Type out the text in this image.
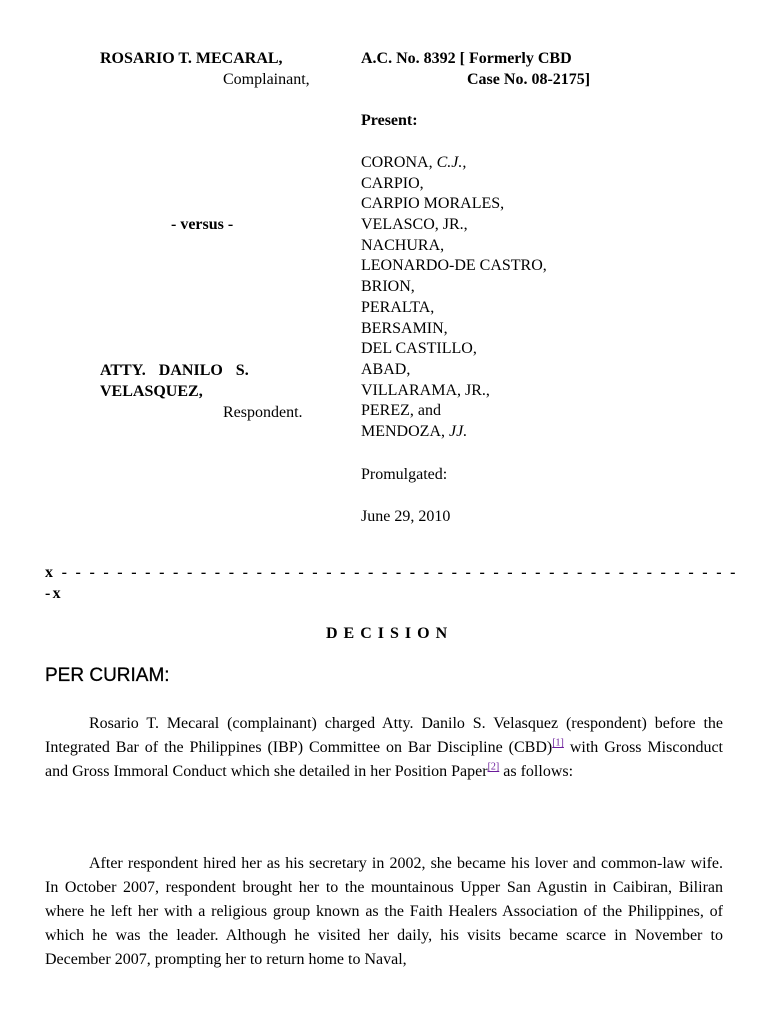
ROSARIO T. MECARAL,
Complainant,
- versus -
ATTY. DANILO S.
VELASQUEZ,
Respondent.
A.C. No. 8392 [ Formerly CBD
Case No. 08-2175]
Present:
CORONA, C.J.,
CARPIO,
CARPIO MORALES,
VELASCO, JR.,
NACHURA,
LEONARDO-DE CASTRO,
BRION,
PERALTA,
BERSAMIN,
DEL CASTILLO,
ABAD,
VILLARAMA, JR.,
PEREZ, and
MENDOZA, JJ.
Promulgated:
June 29, 2010
x - - - - - - - - - - - - - - - - - - - - - - - - - - - - - - - - - - - - - - - - - - - - - - - - -
-x
D E C I S I O N
PER CURIAM:
Rosario T. Mecaral (complainant) charged Atty. Danilo S. Velasquez (respondent) before the Integrated Bar of the Philippines (IBP) Committee on Bar Discipline (CBD)[1] with Gross Misconduct and Gross Immoral Conduct which she detailed in her Position Paper[2] as follows:
After respondent hired her as his secretary in 2002, she became his lover and common-law wife. In October 2007, respondent brought her to the mountainous Upper San Agustin in Caibiran, Biliran where he left her with a religious group known as the Faith Healers Association of the Philippines, of which he was the leader. Although he visited her daily, his visits became scarce in November to December 2007, prompting her to return home to Naval,
